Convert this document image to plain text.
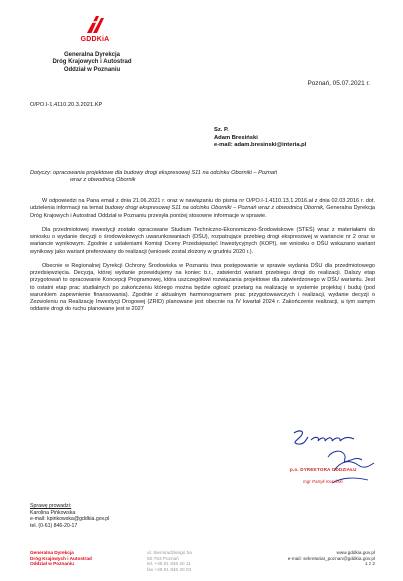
GDDKiA
Generalna Dyrekcja
Dróg Krajowych i Autostrad
Oddział w Poznaniu
Poznań, 05.07.2021 r.
O/PO.I-1.4110.20.3.2021.KP
Sz. P.
Adam Bresiński
e-mail: adam.bresinski@interia.pl
Dotyczy: opracowania projektowe dla budowy drogi ekspresowej S11 na odcinku Oborniki – Poznań
wraz z obwodnicą Obornik

W odpowiedzi na Pana email z dnia 21.06.2021 r. oraz w nawiązaniu do pisma nr O/PO.I-1.4110.13.1.2016.ał z dnia 02.03.2016 r. dot. udzielenia informacji na temat budowy drogi ekspresowej S11 na odcinku Oborniki – Poznań wraz z obwodnicą Obornik, Generalna Dyrekcja Dróg Krajowych i Autostrad Oddział w Poznaniu przesyła poniżej stosowne informacje w sprawie.

Dla przedmiotowej inwestycji zostało opracowane Studium Techniczno-Ekonomiczno-Środowiskowe (STEŚ) wraz z materiałami do wniosku o wydanie decyzji o środowiskowych uwarunkowaniach (DŚU), rozpatrujące przebieg drogi ekspresowej w wariancie nr 2 oraz w wariancie wynikowym. Zgodnie z ustaleniami Komisji Oceny Przedsięwzięć Inwestycyjnych (KOPI), we wniosku o DŚU wskazano wariant wynikowy jako wariant preferowany do realizacji (wniosek został złożony w grudniu 2020 r.).

Obecnie w Regionalnej Dyrekcji Ochrony Środowiska w Poznaniu trwa postępowanie w sprawie wydania DŚU dla przedmiotowego przedsięwzięcia. Decyzja, której wydanie przewidujemy na koniec b.r., zatwierdzi wariant przebiegu drogi do realizacji. Dalszy etap przygotowań to opracowanie Koncepcji Programowej, która uszczegółowi rozwiązania projektowe dla zatwierdzonego w DŚU wariantu. Jest to ostatni etap prac studialnych po zakończeniu którego można będzie ogłosić przetarg na realizację w systemie projektuj i buduj (pod warunkiem zapewnienie finansowania). Zgodnie z aktualnym harmonogramem prac przygotowawczych i realizacji, wydanie decyzji o Zezwoleniu na Realizację Inwestycji Drogowej (ZRID) planowane jest obecnie na IV kwartał 2024 r. Zakończenie realizacji, a tym samym oddanie drogi do ruchu planowane jest w 2027

p.o. DYREKTORA ODDZIAŁU
mgr Patryk Kosiński
Sprawę prowadzi:
Karolina Pińkowska
e-mail: kpinkowska@gddkia.gov.pl
tel. (0-61) 846-20-17
Generalna Dyrekcja
Dróg Krajowych i Autostrad
Oddział w Poznaniu
ul. Siemiradzkiego 5a
60-763 Poznań
tel. +48 61 846 20 11
fax +48 61 846 20 03
www.gddkia.gov.pl
e-mail: sekretariat_poznan@gddkia.gov.pl
1 z 2
